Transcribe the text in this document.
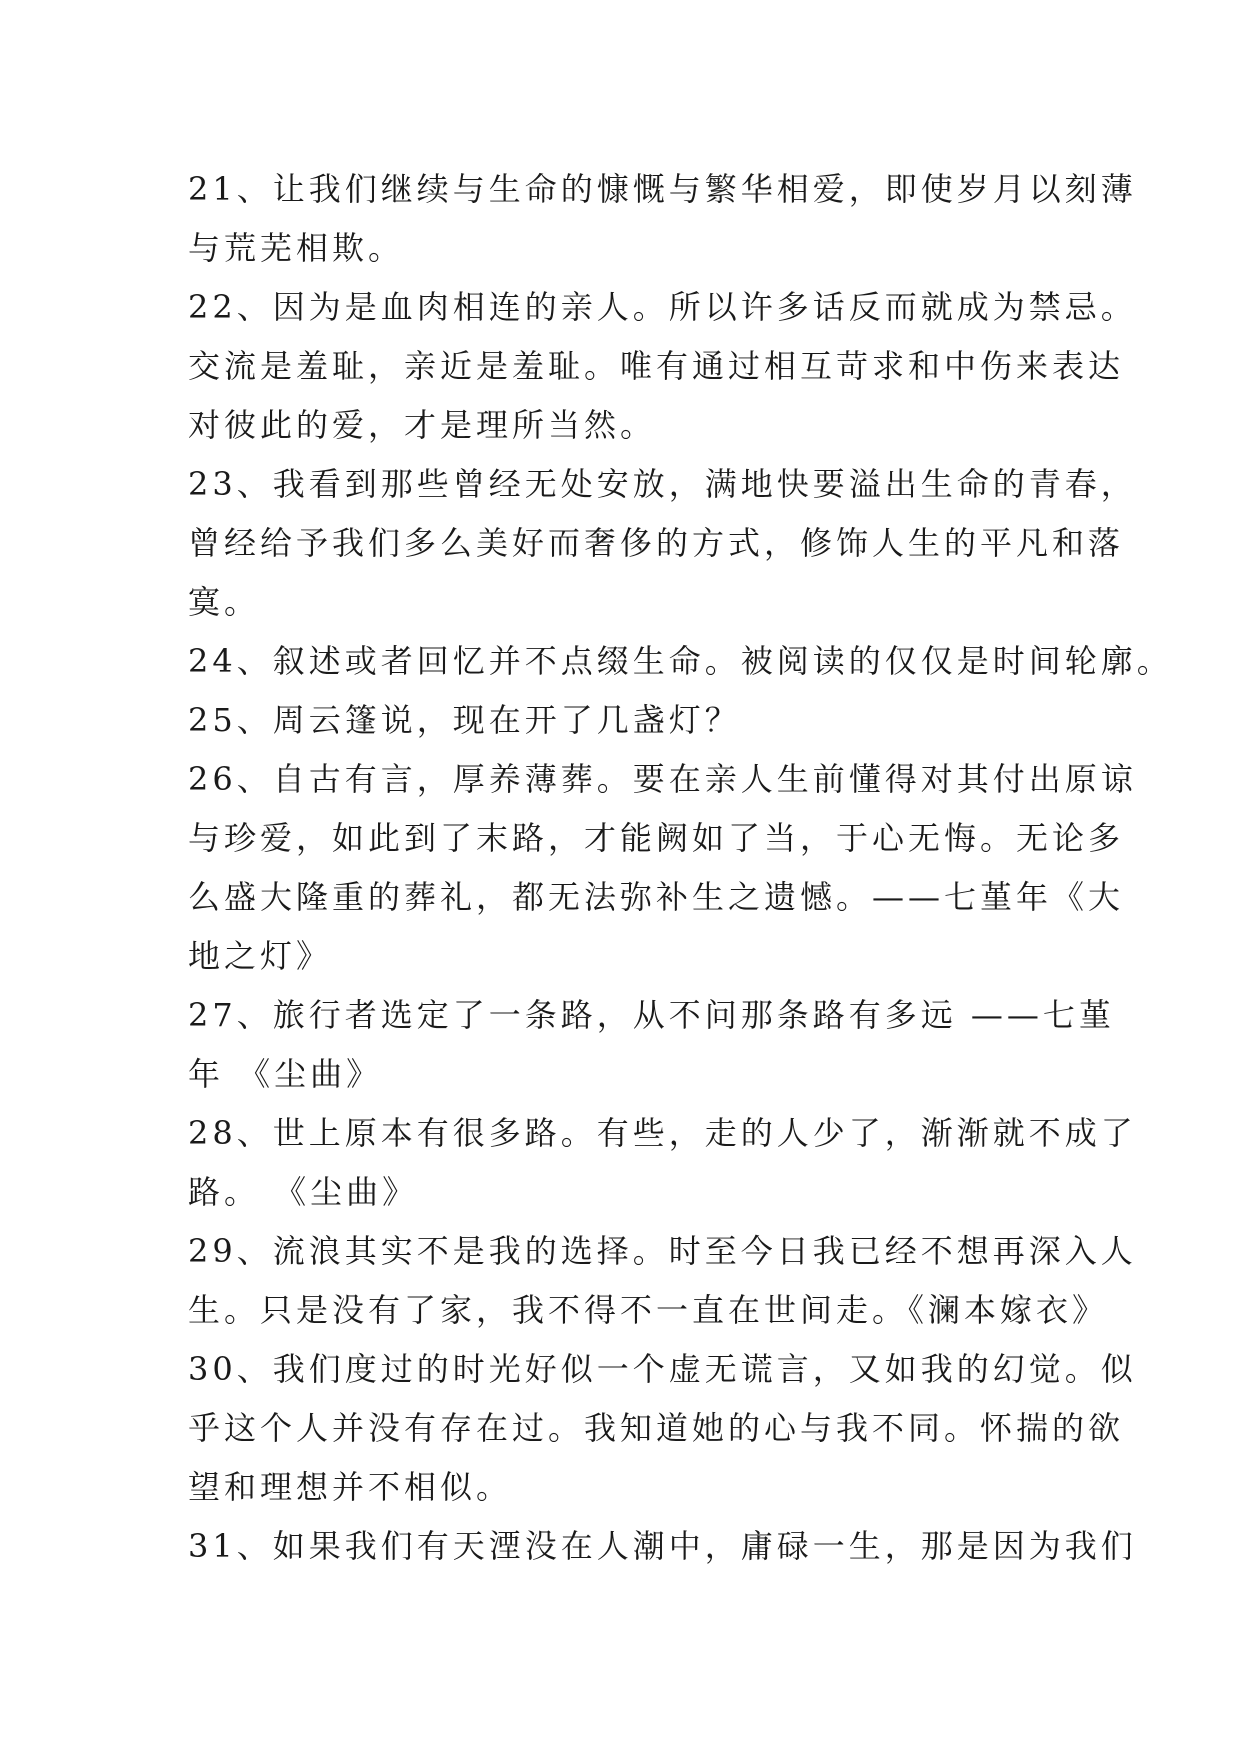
21、让我们继续与生命的慷慨与繁华相爱，即使岁月以刻薄
与荒芜相欺。
22、因为是血肉相连的亲人。所以许多话反而就成为禁忌。
交流是羞耻，亲近是羞耻。唯有通过相互苛求和中伤来表达
对彼此的爱，才是理所当然。
23、我看到那些曾经无处安放，满地快要溢出生命的青春，
曾经给予我们多么美好而奢侈的方式，修饰人生的平凡和落
寞。
24、叙述或者回忆并不点缀生命。被阅读的仅仅是时间轮廓。
25、周云篷说，现在开了几盏灯？
26、自古有言，厚养薄葬。要在亲人生前懂得对其付出原谅
与珍爱，如此到了末路，才能阙如了当，于心无悔。无论多
么盛大隆重的葬礼，都无法弥补生之遗憾。——七堇年《大
地之灯》
27、旅行者选定了一条路，从不问那条路有多远 ——七堇
年 《尘曲》
28、世上原本有很多路。有些，走的人少了，渐渐就不成了
路。 《尘曲》
29、流浪其实不是我的选择。时至今日我已经不想再深入人
生。只是没有了家，我不得不一直在世间走。《澜本嫁衣》
30、我们度过的时光好似一个虚无谎言，又如我的幻觉。似
乎这个人并没有存在过。我知道她的心与我不同。怀揣的欲
望和理想并不相似。
31、如果我们有天湮没在人潮中，庸碌一生，那是因为我们
